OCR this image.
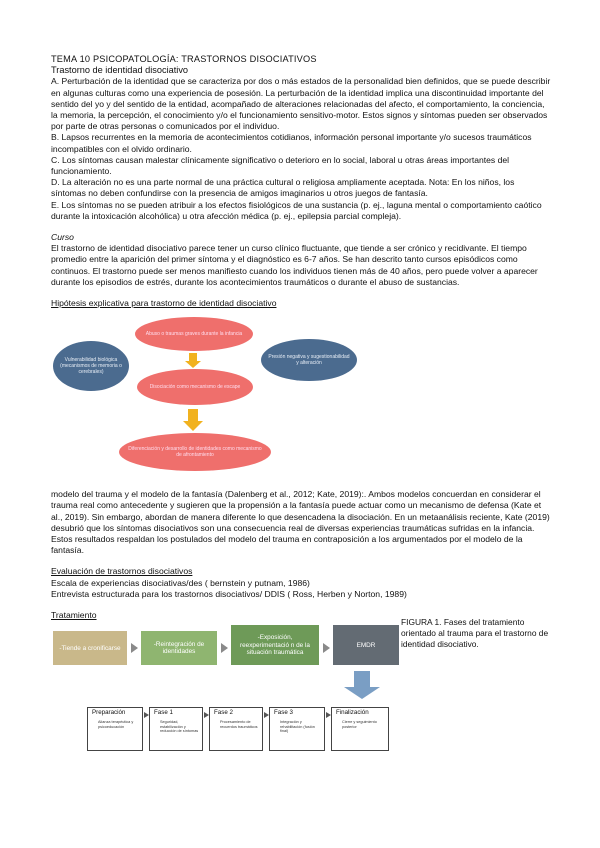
TEMA 10 PSICOPATOLOGÍA: TRASTORNOS DISOCIATIVOS

Trastorno de identidad disociativo

A. Perturbación de la identidad que se caracteriza por dos o más estados de la personalidad bien definidos, que se puede describir en algunas culturas como una experiencia de posesión. La perturbación de la identidad implica una discontinuidad importante del sentido del yo y del sentido de la entidad, acompañado de alteraciones relacionadas del afecto, el comportamiento, la conciencia, la memoria, la percepción, el conocimiento y/o el funcionamiento sensitivo-motor. Estos signos y síntomas pueden ser observados por parte de otras personas o comunicados por el individuo.

B. Lapsos recurrentes en la memoria de acontecimientos cotidianos, información personal importante y/o sucesos traumáticos incompatibles con el olvido ordinario.

C. Los síntomas causan malestar clínicamente significativo o deterioro en lo social, laboral u otras áreas importantes del funcionamiento.

D. La alteración no es una parte normal de una práctica cultural o religiosa ampliamente aceptada. Nota: En los niños, los síntomas no deben confundirse con la presencia de amigos imaginarios u otros juegos de fantasía.

E. Los síntomas no se pueden atribuir a los efectos fisiológicos de una sustancia (p. ej., laguna mental o comportamiento caótico durante la intoxicación alcohólica) u otra afección médica (p. ej., epilepsia parcial compleja).

Curso

El trastorno de identidad disociativo parece tener un curso clínico fluctuante, que tiende a ser crónico y recidivante. El tiempo promedio entre la aparición del primer síntoma y el diagnóstico es 6-7 años. Se han descrito tanto cursos episódicos como continuos. El trastorno puede ser menos manifiesto cuando los individuos tienen más de 40 años, pero puede volver a aparecer durante los episodios de estrés, durante los acontecimientos traumáticos o durante el abuso de sustancias.

Hipótesis explicativa para trastorno de identidad disociativo

Abuso o traumas graves durante la infancia
Vulnerabilidad biológica (mecanismos de memoria o cerebrales)
Presión negativa y sugestionabilidad y alteración
Disociación como mecanismo de escape
Diferenciación y desarrollo de identidades como mecanismo de afrontamiento

modelo del trauma y el modelo de la fantasía (Dalenberg et al., 2012; Kate, 2019):. Ambos modelos concuerdan en considerar el trauma real como antecedente y sugieren que la propensión a la fantasía puede actuar como un mecanismo de defensa (Kate et al., 2019). Sin embargo, abordan de manera diferente lo que desencadena la disociación. En un metaanálisis reciente, Kate (2019) desubrió que los síntomas disociativos son una consecuencia real de diversas experiencias traumáticas sufridas en la infancia. Estos resultados respaldan los postulados del modelo del trauma en contraposición a los argumentados por el modelo de la fantasía.

Evaluación de trastornos disociativos

Escala de experiencias disociativas/des ( bernstein y putnam, 1986)

Entrevista estructurada para los trastornos disociativos/ DDIS ( Ross, Herben y Norton, 1989)

Tratamiento

-Tiende a cronificarse
-Reintegración de identidades
-Exposición, reexperimentació n de la situación traumática
EMDR

FIGURA 1. Fases del tratamiento orientado al trauma para el trastorno de identidad disociativo.

Preparación
Alianza terapéutica y psicoeducación
Fase 1
Seguridad, estabilización y reducción de síntomas
Fase 2
Procesamiento de recuerdos traumáticos
Fase 3
Integración y rehabilitación (fusión final)
Finalización
Cierre y seguimiento posterior
